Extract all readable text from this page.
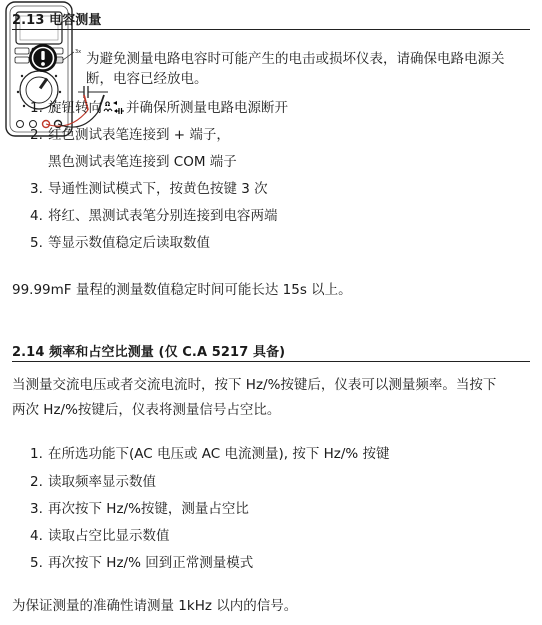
2.13 电容测量
为避免测量电路电容时可能产生的电击或损坏仪表，请确保电路电源关
断，电容已经放电。
1. 旋钮转向 Ω 并确保所测量电路电源断开
2. 红色测试表笔连接到 + 端子，
黑色测试表笔连接到 COM 端子
3. 导通性测试模式下，按黄色按键 3 次
4. 将红、黑测试表笔分别连接到电容两端
5. 等显示数值稳定后读取数值
3x
99.99mF 量程的测量数值稳定时间可能长达 15s 以上。
2.14 频率和占空比测量 (仅 C.A 5217 具备)
当测量交流电压或者交流电流时，按下 Hz/%按键后，仪表可以测量频率。当按下
两次 Hz/%按键后，仪表将测量信号占空比。
1. 在所选功能下(AC 电压或 AC 电流测量), 按下 Hz/% 按键
2. 读取频率显示数值
3. 再次按下 Hz/%按键，测量占空比
4. 读取占空比显示数值
5. 再次按下 Hz/% 回到正常测量模式
为保证测量的准确性请测量 1kHz 以内的信号。
